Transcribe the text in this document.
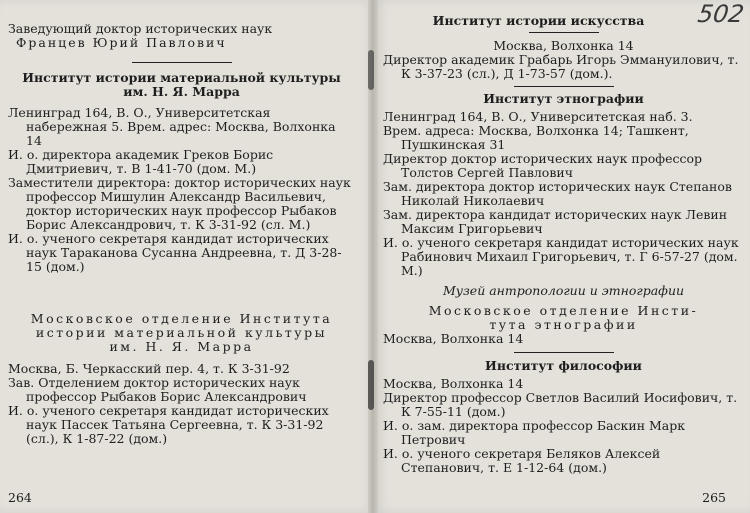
Заведующий доктор исторических наук

Францев Юрий Павлович

Институт истории материальной культуры

им. Н. Я. Марра

Ленинград 164, В. О., Университетская набережная 5. Врем. адрес: Москва, Волхонка 14

И. о. директора академик Греков Борис Дмитриевич, т. В 1-41-70 (дом. М.)

Заместители директора: доктор исторических наук профессор Мишулин Александр Васильевич, доктор исторических наук профессор Рыбаков Борис Александрович, т. К 3-31-92 (сл. М.)

И. о. ученого секретаря кандидат исторических наук Тараканова Сусанна Андреевна, т. Д 3-28-15 (дом.)

Московское отделение Института

истории материальной культуры

им. Н. Я. Марра

Москва, Б. Черкасский пер. 4, т. К 3-31-92

Зав. Отделением доктор исторических наук профессор Рыбаков Борис Александрович

И. о. ученого секретаря кандидат исторических наук Пассек Татьяна Сергеевна, т. К 3-31-92 (сл.), К 1-87-22 (дом.)

264
502

Институт истории искусства

Москва, Волхонка 14

Директор академик Грабарь Игорь Эммануилович, т. К 3-37-23 (сл.), Д 1-73-57 (дом.).

Институт этнографии

Ленинград 164, В. О., Университетская наб. 3.

Врем. адреса: Москва, Волхонка 14; Ташкент, Пушкинская 31

Директор доктор исторических наук профессор Толстов Сергей Павлович

Зам. директора доктор исторических наук Степанов Николай Николаевич

Зам. директора кандидат исторических наук Левин Максим Григорьевич

И. о. ученого секретаря кандидат исторических наук Рабинович Михаил Григорьевич, т. Г 6-57-27 (дом. М.)

Музей антропологии и этнографии

Московское отделение Инсти-

тута этнографии

Москва, Волхонка 14

Институт философии

Москва, Волхонка 14

Директор профессор Светлов Василий Иосифович, т. К 7-55-11 (дом.)

И. о. зам. директора профессор Баскин Марк Петрович

И. о. ученого секретаря Беляков Алексей Степанович, т. Е 1-12-64 (дом.)

265
